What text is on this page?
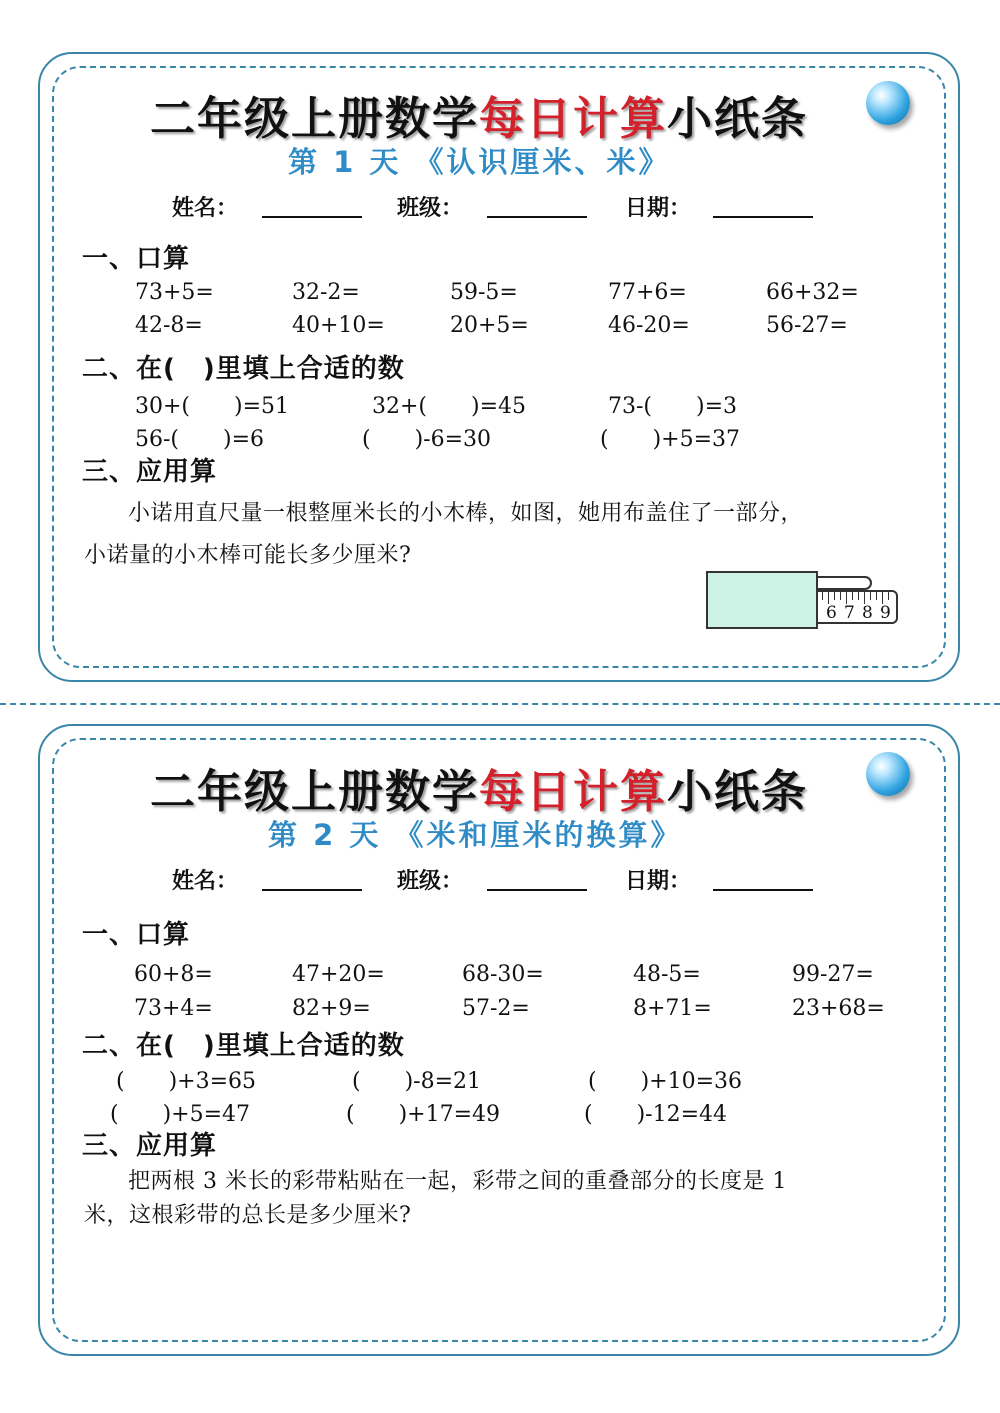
二年级上册数学每日计算小纸条
第 1 天 《认识厘米、米》
姓名：	班级：	日期：
一、口算
73+5=	32-2=	59-5=	77+6=	66+32=
42-8=	40+10=	20+5=	46-20=	56-27=
二、在(　)里填上合适的数
30+(　　)=51	32+(　　)=45	73-(　　)=3
56-(　　)=6	(　　)-6=30	(　　)+5=37
三、应用算
小诺用直尺量一根整厘米长的小木棒，如图，她用布盖住了一部分，
小诺量的小木棒可能长多少厘米?
6 7 8 9
二年级上册数学每日计算小纸条
第 2 天 《米和厘米的换算》
姓名：	班级：	日期：
一、口算
60+8=	47+20=	68-30=	48-5=	99-27=
73+4=	82+9=	57-2=	8+71=	23+68=
二、在(　)里填上合适的数
(　　)+3=65	(　　)-8=21	(　　)+10=36
(　　)+5=47	(　　)+17=49	(　　)-12=44
三、应用算
把两根 3 米长的彩带粘贴在一起，彩带之间的重叠部分的长度是 1
米，这根彩带的总长是多少厘米?
